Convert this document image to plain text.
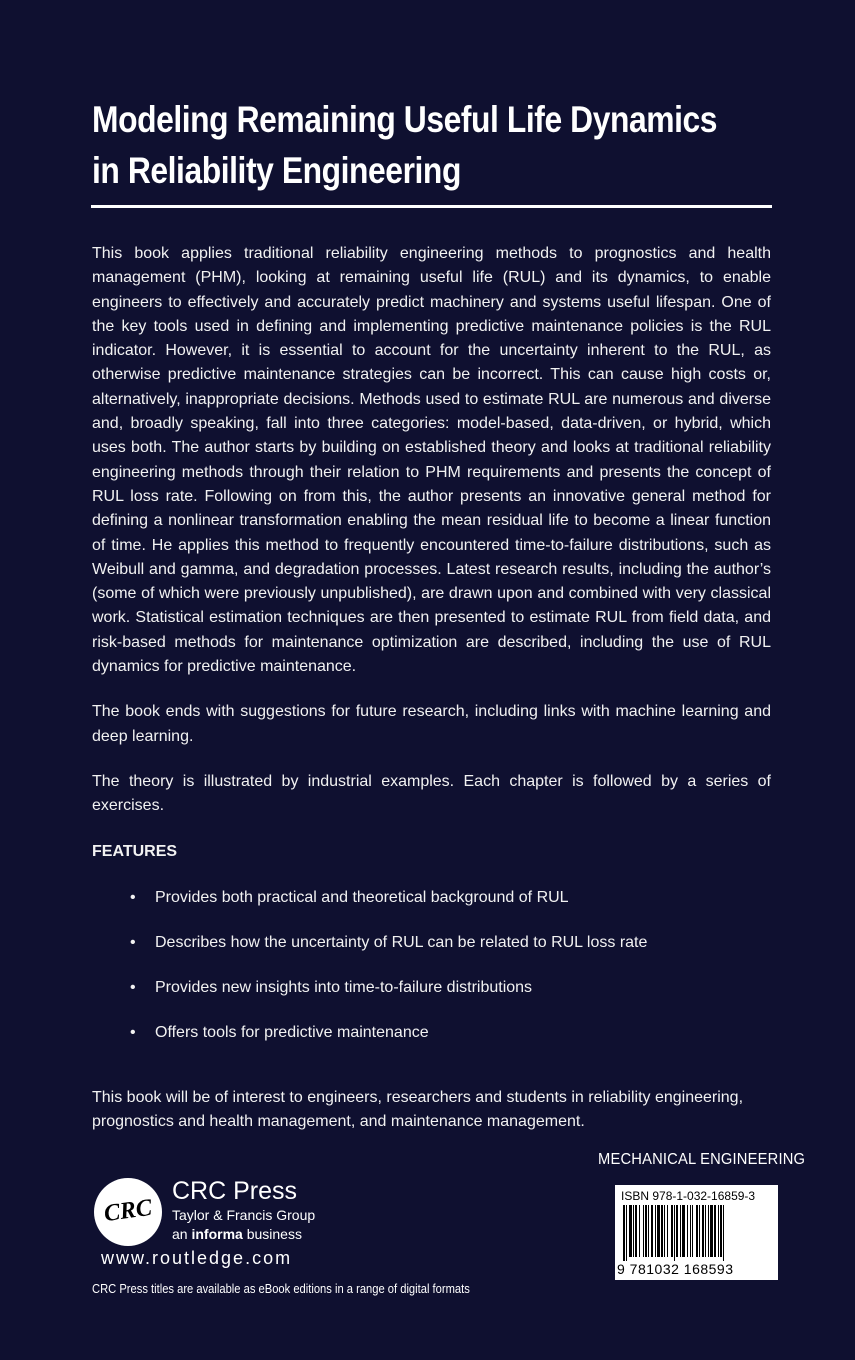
Modeling Remaining Useful Life Dynamics
in Reliability Engineering

This book applies traditional reliability engineering methods to prognostics and health management (PHM), looking at remaining useful life (RUL) and its dynamics, to enable engineers to effectively and accurately predict machinery and systems useful lifespan. One of the key tools used in defining and implementing predictive maintenance policies is the RUL indicator. However, it is essential to account for the uncertainty inherent to the RUL, as otherwise predictive maintenance strategies can be incorrect. This can cause high costs or, alternatively, inappropriate decisions. Methods used to estimate RUL are numerous and diverse and, broadly speaking, fall into three categories: model-based, data-driven, or hybrid, which uses both. The author starts by building on established theory and looks at traditional reliability engineering methods through their relation to PHM requirements and presents the concept of RUL loss rate. Following on from this, the author presents an innovative general method for defining a nonlinear transformation enabling the mean residual life to become a linear function of time. He applies this method to frequently encountered time-to-failure distributions, such as Weibull and gamma, and degradation processes. Latest research results, including the author’s (some of which were previously unpublished), are drawn upon and combined with very classical work. Statistical estimation techniques are then presented to estimate RUL from field data, and risk-based methods for maintenance optimization are described, including the use of RUL dynamics for predictive maintenance.

The book ends with suggestions for future research, including links with machine learning and deep learning.

The theory is illustrated by industrial examples. Each chapter is followed by a series of exercises.

FEATURES
• Provides both practical and theoretical background of RUL
• Describes how the uncertainty of RUL can be related to RUL loss rate
• Provides new insights into time-to-failure distributions
• Offers tools for predictive maintenance

This book will be of interest to engineers, researchers and students in reliability engineering, prognostics and health management, and maintenance management.

MECHANICAL ENGINEERING
ISBN 978-1-032-16859-3
9 781032 168593
CRC
CRC Press
Taylor & Francis Group
an informa business
www.routledge.com
CRC Press titles are available as eBook editions in a range of digital formats
